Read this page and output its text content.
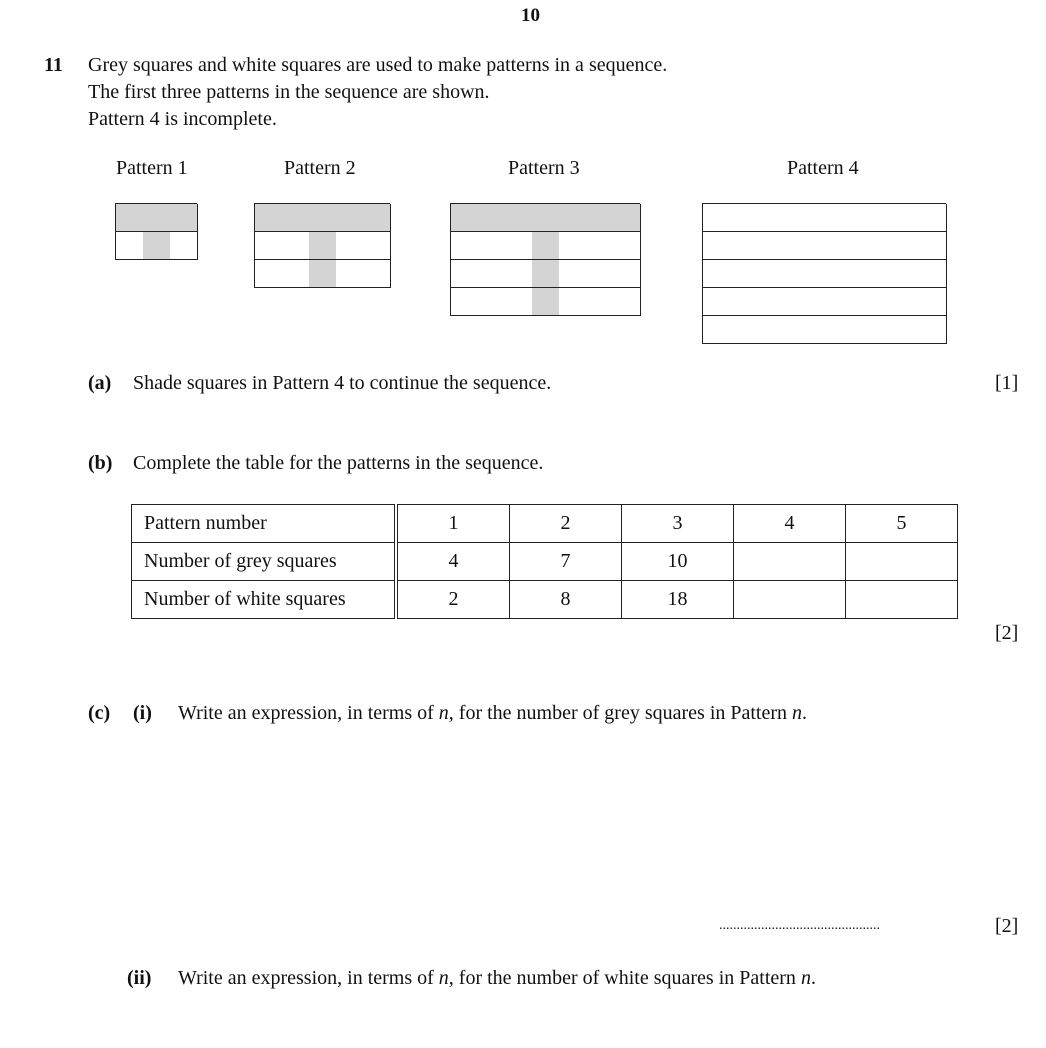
10
11 Grey squares and white squares are used to make patterns in a sequence.
The first three patterns in the sequence are shown.
Pattern 4 is incomplete.
Pattern 1	Pattern 2	Pattern 3	Pattern 4
(a) Shade squares in Pattern 4 to continue the sequence.	[1]
(b) Complete the table for the patterns in the sequence.
Pattern number	1	2	3	4	5
Number of grey squares	4	7	10		
Number of white squares	2	8	18		
[2]
(c) (i) Write an expression, in terms of n, for the number of grey squares in Pattern n.
..............................................	[2]
(ii) Write an expression, in terms of n, for the number of white squares in Pattern n.
